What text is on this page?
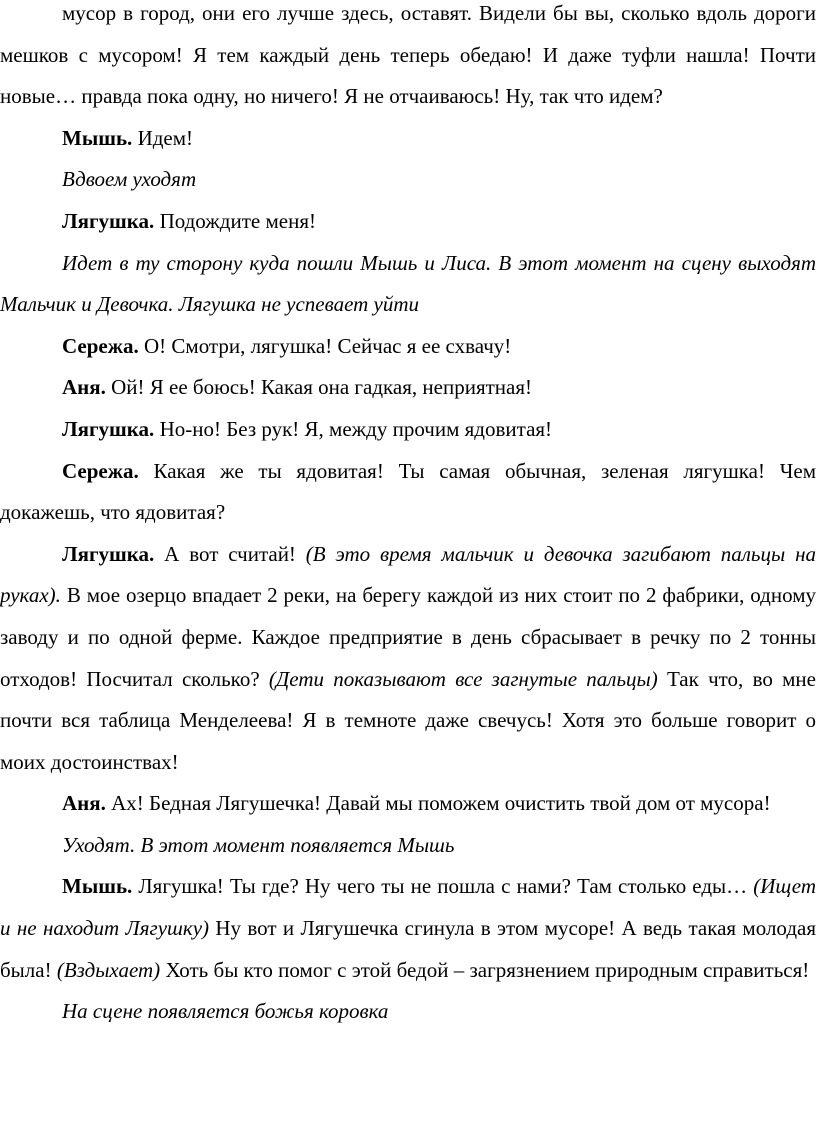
мусор в город, они его лучше здесь, оставят. Видели бы вы, сколько вдоль дороги мешков с мусором! Я тем каждый день теперь обедаю! И даже туфли нашла! Почти новые… правда пока одну, но ничего! Я не отчаиваюсь! Ну, так что идем?

Мышь. Идем!

Вдвоем уходят

Лягушка. Подождите меня!

Идет в ту сторону куда пошли Мышь и Лиса. В этот момент на сцену выходят Мальчик и Девочка. Лягушка не успевает уйти

Сережа. О! Смотри, лягушка! Сейчас я ее схвачу!

Аня. Ой! Я ее боюсь! Какая она гадкая, неприятная!

Лягушка. Но-но! Без рук! Я, между прочим ядовитая!

Сережа. Какая же ты ядовитая! Ты самая обычная, зеленая лягушка! Чем докажешь, что ядовитая?

Лягушка. А вот считай! (В это время мальчик и девочка загибают пальцы на руках). В мое озерцо впадает 2 реки, на берегу каждой из них стоит по 2 фабрики, одному заводу и по одной ферме. Каждое предприятие в день сбрасывает в речку по 2 тонны отходов! Посчитал сколько? (Дети показывают все загнутые пальцы) Так что, во мне почти вся таблица Менделеева! Я в темноте даже свечусь! Хотя это больше говорит о моих достоинствах!

Аня. Ах! Бедная Лягушечка! Давай мы поможем очистить твой дом от мусора!

Уходят. В этот момент появляется Мышь

Мышь. Лягушка! Ты где? Ну чего ты не пошла с нами? Там столько еды… (Ищет и не находит Лягушку) Ну вот и Лягушечка сгинула в этом мусоре! А ведь такая молодая была! (Вздыхает) Хоть бы кто помог с этой бедой – загрязнением природным справиться!

На сцене появляется божья коровка
